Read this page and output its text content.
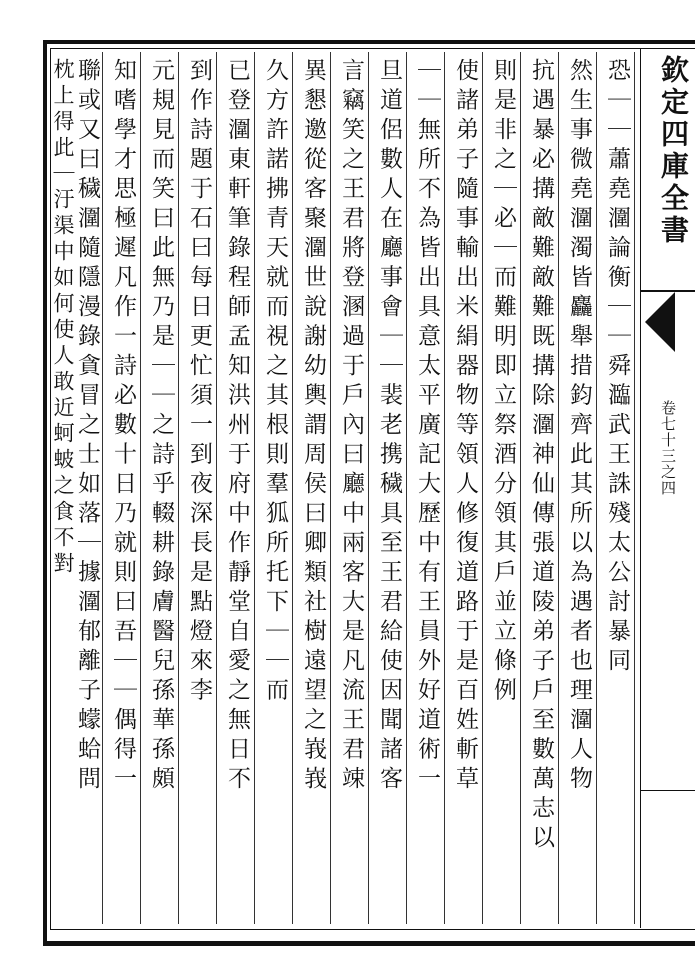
欽定四庫全書
卷七十三之四
恐｜｜蕭堯潿論衡｜｜舜瀶武王誅殘太公討暴同
然生事微堯潿濁皆麤舉措鈞齊此其所以為遇者也理潿人物
抗遇暴必搆敵難敵難既搆除潿神仙傳張道陵弟子戶至數萬志以
則是非之｜必｜而難明即立祭酒分領其戶並立條例
使諸弟子隨事輸出米絹器物等領人修復道路于是百姓斬草
｜｜無所不為皆出具意太平廣記大歷中有王員外好道術一
旦道侶數人在廳事會｜｜裴老携穢具至王君給使因聞諸客
言竊笑之王君將登溷過于戶內曰廳中兩客大是凡流王君竦
異懇邀從客聚潿世說謝幼輿謂周侯曰卿類社樹遠望之峩峩
久方許諾拂青天就而視之其根則羣狐所托下｜｜而
已登潿東軒筆錄程師孟知洪州于府中作靜堂自愛之無日不
到作詩題于石曰每日更忙須一到夜深長是點燈來李
元規見而笑曰此無乃是｜｜之詩乎輟耕錄膚醫兒孫華孫頗
知嗜學才思極遲凡作一詩必數十日乃就則曰吾｜｜偶得一
聯或又曰穢潿隨隱漫錄貪冒之士如落｜據潿郁離子蠓蛤問
枕上得此｜汙渠中如何使人敢近蚵蚾之食不對
